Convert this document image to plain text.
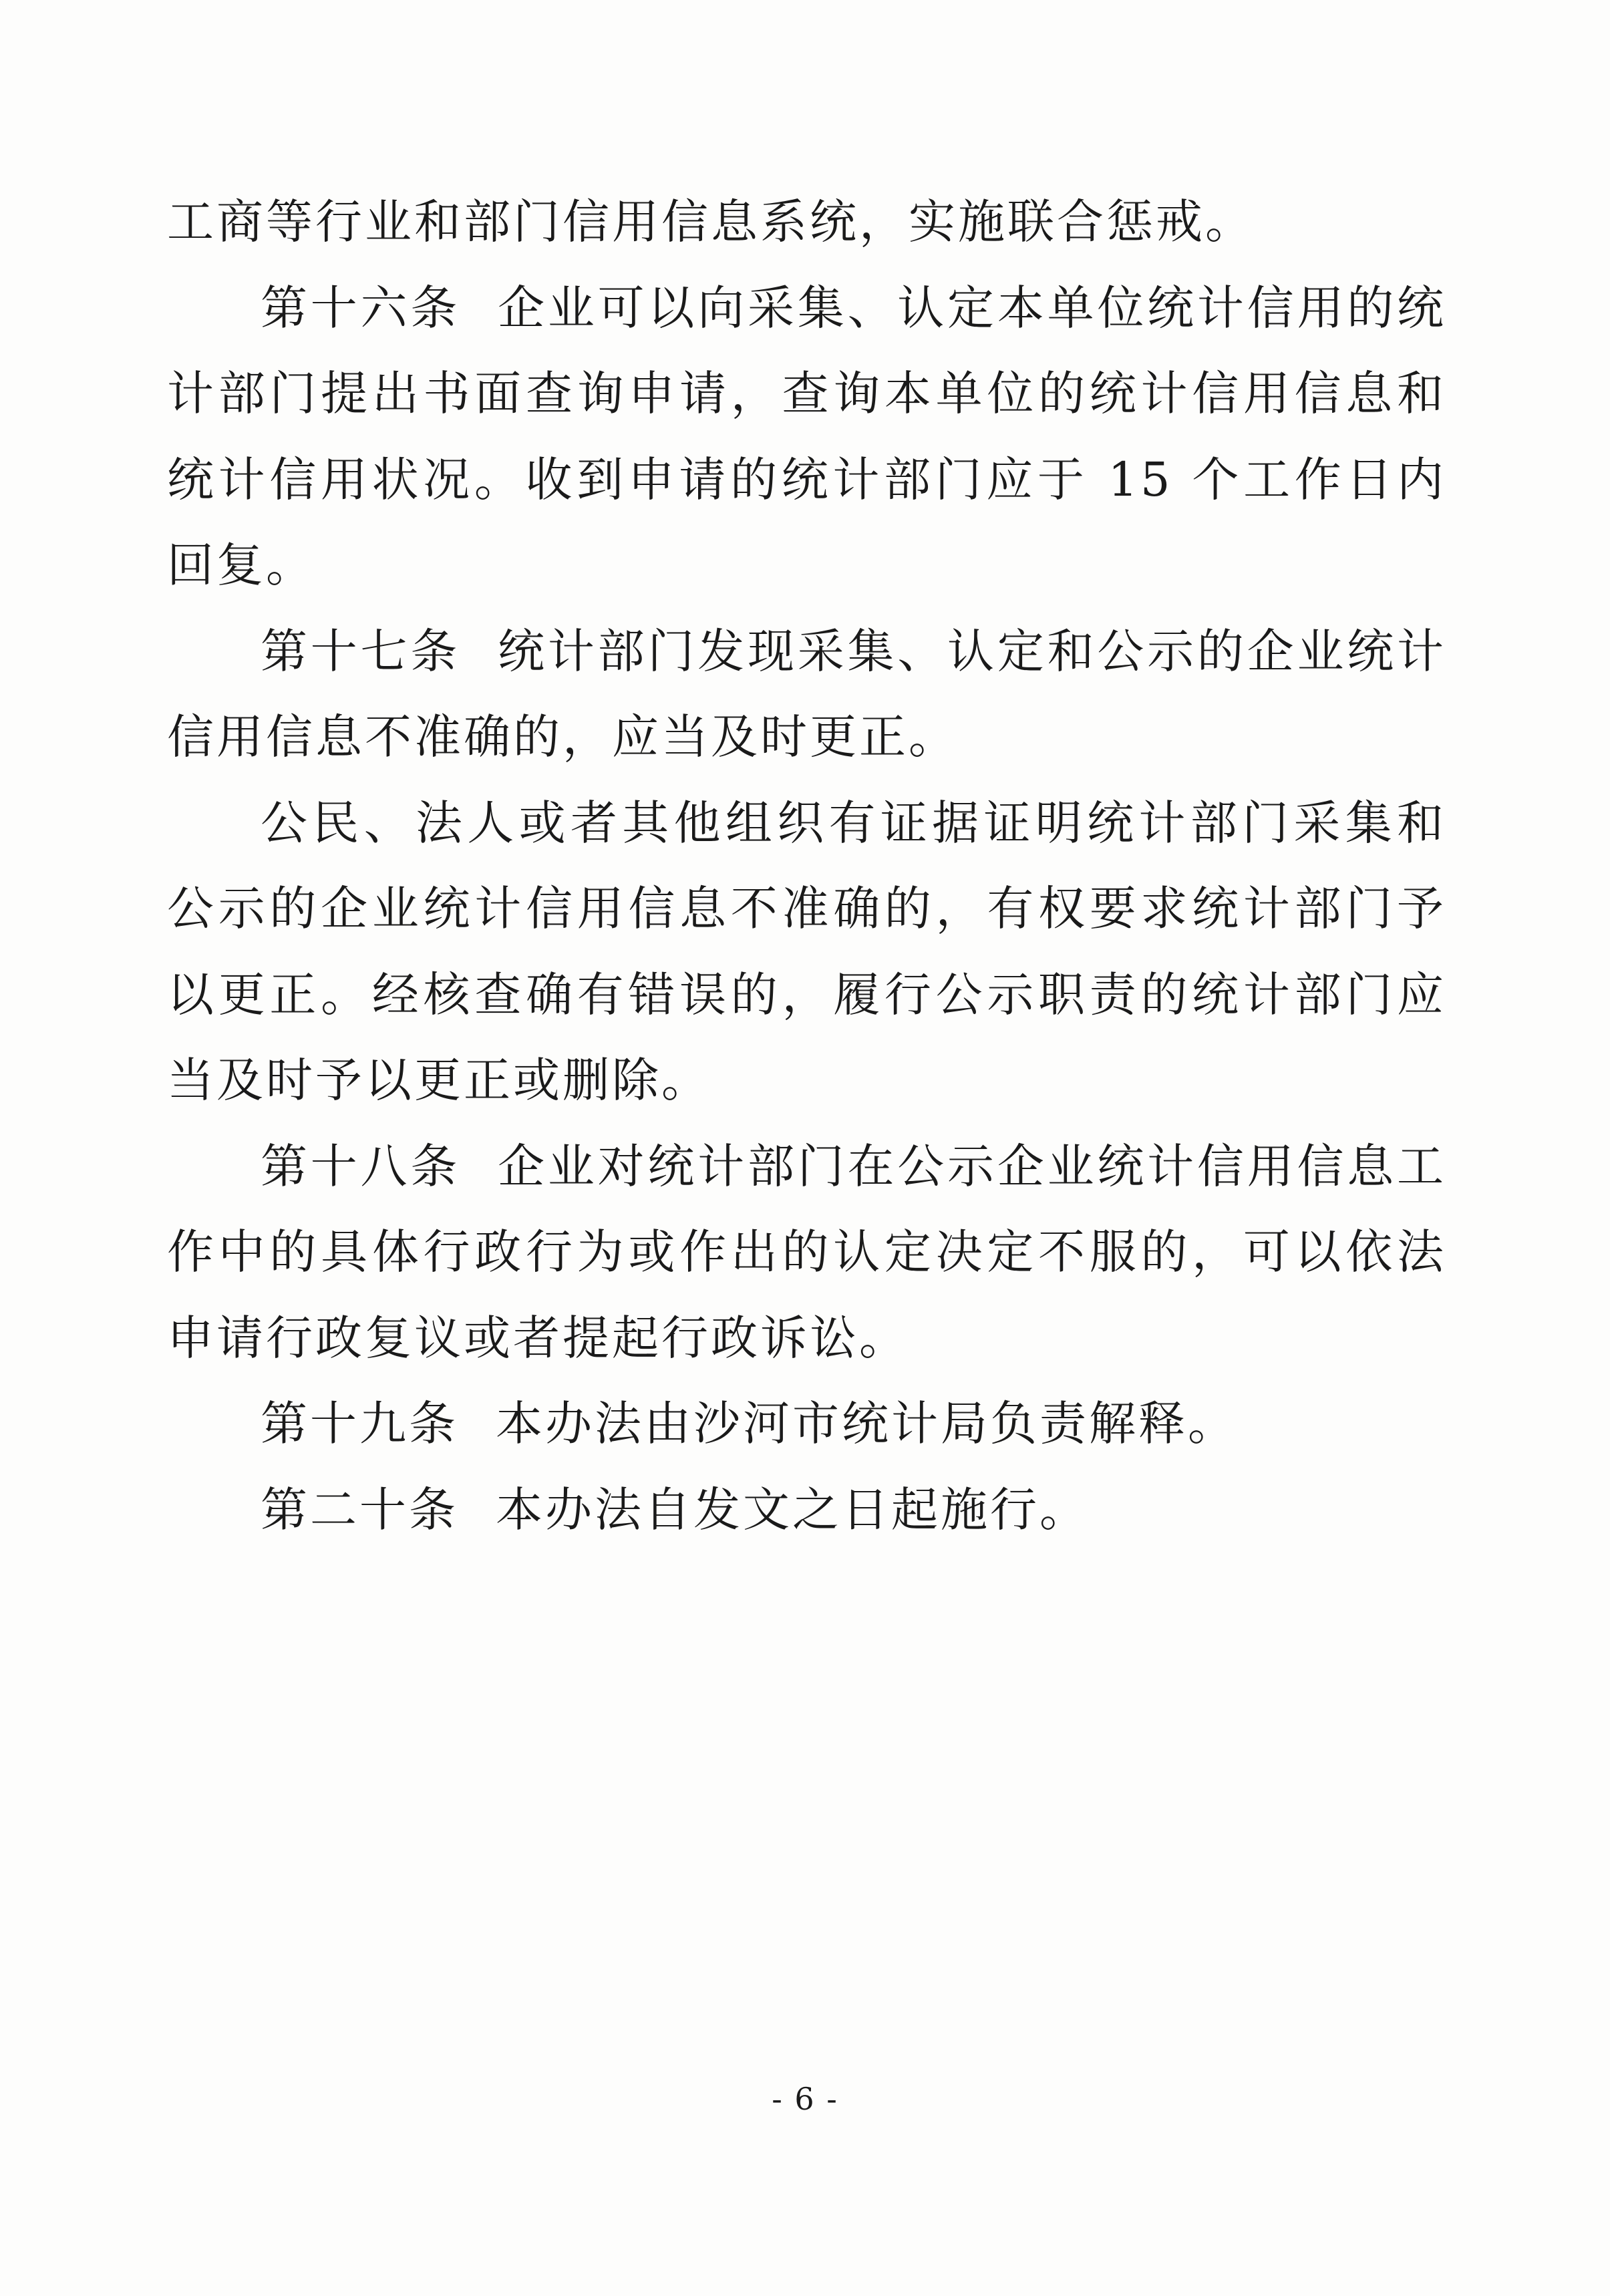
工商等行业和部门信用信息系统，实施联合惩戒。

第十六条 企业可以向采集、认定本单位统计信用的统计部门提出书面查询申请，查询本单位的统计信用信息和统计信用状况。收到申请的统计部门应于 15 个工作日内回复。

第十七条 统计部门发现采集、认定和公示的企业统计信用信息不准确的，应当及时更正。

公民、法人或者其他组织有证据证明统计部门采集和公示的企业统计信用信息不准确的，有权要求统计部门予以更正。经核查确有错误的，履行公示职责的统计部门应当及时予以更正或删除。

第十八条 企业对统计部门在公示企业统计信用信息工作中的具体行政行为或作出的认定决定不服的，可以依法申请行政复议或者提起行政诉讼。

第十九条 本办法由沙河市统计局负责解释。

第二十条 本办法自发文之日起施行。

- 6 -
